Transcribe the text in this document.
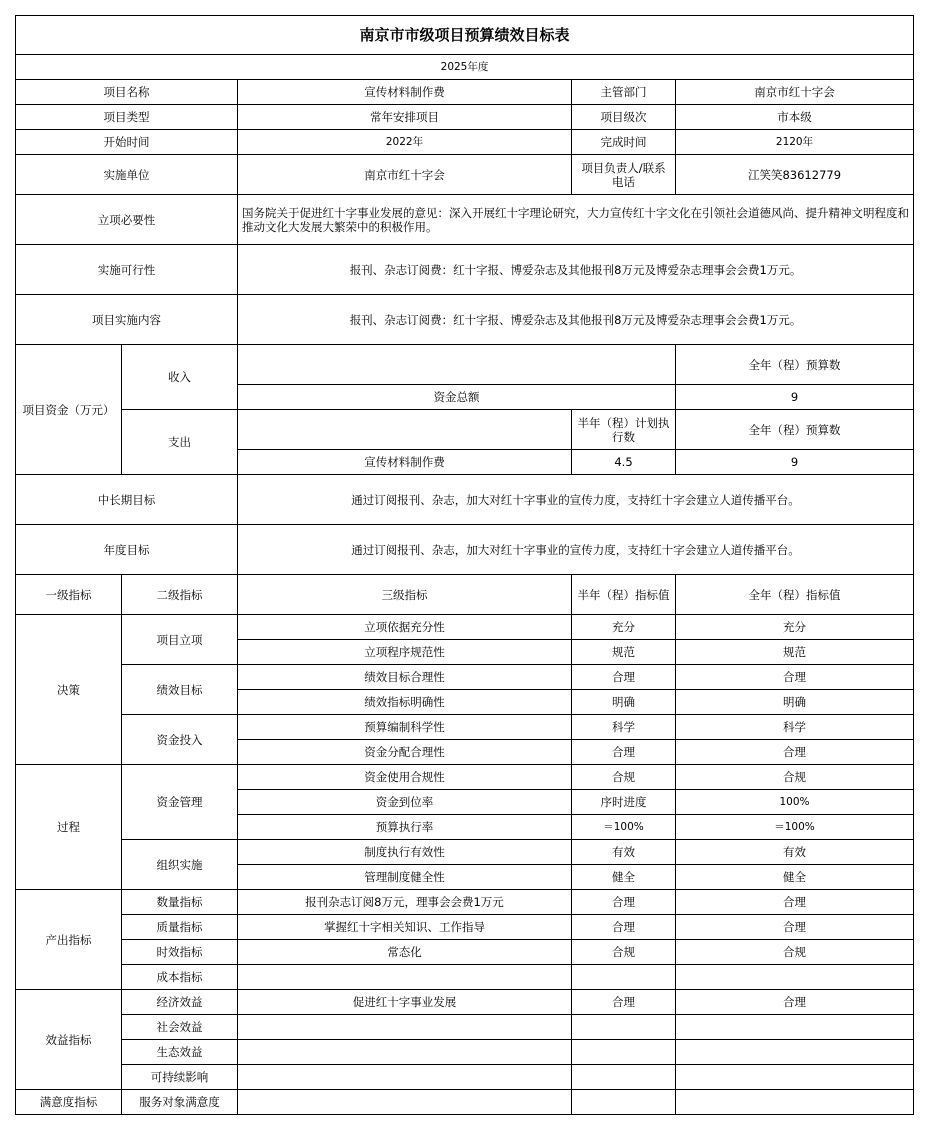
南京市市级项目预算绩效目标表				
2025年度				
项目名称		宣传材料制作费	主管部门	南京市红十字会
项目类型		常年安排项目	项目级次	市本级
开始时间		2022年	完成时间	2120年
实施单位		南京市红十字会	项目负责人/联系电话	江笑笑83612779
立项必要性		国务院关于促进红十字事业发展的意见：深入开展红十字理论研究，大力宣传红十字文化在引领社会道德风尚、提升精神文明程度和推动文化大发展大繁荣中的积极作用。		
实施可行性		报刊、杂志订阅费：红十字报、博爱杂志及其他报刊8万元及博爱杂志理事会会费1万元。		
项目实施内容		报刊、杂志订阅费：红十字报、博爱杂志及其他报刊8万元及博爱杂志理事会会费1万元。		
项目资金（万元）	收入			全年（程）预算数
		资金总额		9
	支出		半年（程）计划执行数	全年（程）预算数
		宣传材料制作费	4.5	9
中长期目标		通过订阅报刊、杂志，加大对红十字事业的宣传力度，支持红十字会建立人道传播平台。		
年度目标		通过订阅报刊、杂志，加大对红十字事业的宣传力度，支持红十字会建立人道传播平台。		
一级指标	二级指标	三级指标	半年（程）指标值	全年（程）指标值
决策	项目立项	立项依据充分性	充分	充分
		立项程序规范性	规范	规范
	绩效目标	绩效目标合理性	合理	合理
		绩效指标明确性	明确	明确
	资金投入	预算编制科学性	科学	科学
		资金分配合理性	合理	合理
过程	资金管理	资金使用合规性	合规	合规
		资金到位率	序时进度	100%
		预算执行率	＝100%	＝100%
	组织实施	制度执行有效性	有效	有效
		管理制度健全性	健全	健全
产出指标	数量指标	报刊杂志订阅8万元，理事会会费1万元	合理	合理
	质量指标	掌握红十字相关知识、工作指导	合理	合理
	时效指标	常态化	合规	合规
	成本指标			
效益指标	经济效益	促进红十字事业发展	合理	合理
	社会效益			
	生态效益			
	可持续影响			
满意度指标	服务对象满意度			
